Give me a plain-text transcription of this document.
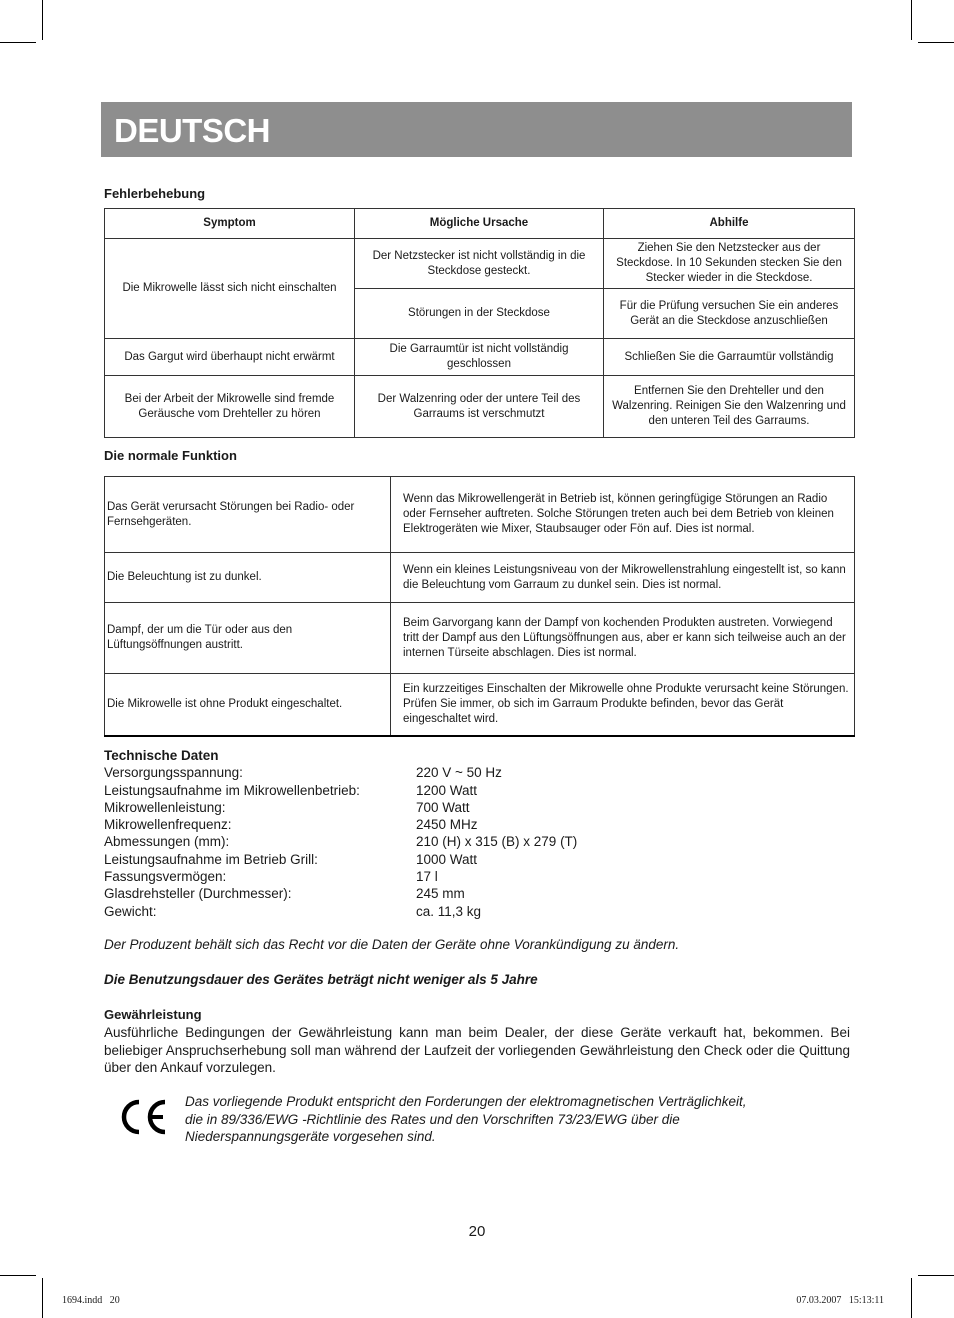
DEUTSCH
Fehlerbehebung
Symptom	Mögliche Ursache	Abhilfe
Die Mikrowelle lässt sich nicht einschalten	Der Netzstecker ist nicht vollständig in die Steckdose gesteckt.	Ziehen Sie den Netzstecker aus der Steckdose. In 10 Sekunden stecken Sie den Stecker wieder in die Steckdose.
	Störungen in der Steckdose	Für die Prüfung versuchen Sie ein anderes Gerät an die Steckdose anzuschließen
Das Gargut wird überhaupt nicht erwärmt	Die Garraumtür ist nicht vollständig geschlossen	Schließen Sie die Garraumtür vollständig
Bei der Arbeit der Mikrowelle sind fremde Geräusche vom Drehteller zu hören	Der Walzenring oder der untere Teil des Garraums ist verschmutzt	Entfernen Sie den Drehteller und den Walzenring. Reinigen Sie den Walzenring und den unteren Teil des Garraums.
Die normale Funktion
Das Gerät verursacht Störungen bei Radio- oder Fernsehgeräten.	Wenn das Mikrowellengerät in Betrieb ist, können geringfügige Störungen an Radio oder Fernseher auftreten. Solche Störungen treten auch bei dem Betrieb von kleinen Elektrogeräten wie Mixer, Staubsauger oder Fön auf. Dies ist normal.
Die Beleuchtung ist zu dunkel.	Wenn ein kleines Leistungsniveau von der Mikrowellenstrahlung eingestellt ist, so kann die Beleuchtung vom Garraum zu dunkel sein. Dies ist normal.
Dampf, der um die Tür oder aus den Lüftungsöffnungen austritt.	Beim Garvorgang kann der Dampf von kochenden Produkten austreten. Vorwiegend tritt der Dampf aus den Lüftungsöffnungen aus, aber er kann sich teilweise auch an der internen Türseite abschlagen. Dies ist normal.
Die Mikrowelle ist ohne Produkt eingeschaltet.	Ein kurzzeitiges Einschalten der Mikrowelle ohne Produkte verursacht keine Störungen. Prüfen Sie immer, ob sich im Garraum Produkte befinden, bevor das Gerät eingeschaltet wird.
Technische Daten
Versorgungsspannung:	220 V ~ 50 Hz
Leistungsaufnahme im Mikrowellenbetrieb:	1200 Watt
Mikrowellenleistung:	700 Watt
Mikrowellenfrequenz:	2450 MHz
Abmessungen (mm):	210 (H) x 315 (B) x 279 (T)
Leistungsaufnahme im Betrieb Grill:	1000 Watt
Fassungsvermögen:	17 l
Glasdrehsteller (Durchmesser):	245 mm
Gewicht:	ca. 11,3 kg
Der Produzent behält sich das Recht vor die Daten der Geräte ohne Vorankündigung zu ändern.
Die Benutzungsdauer des Gerätes beträgt nicht weniger als 5 Jahre
Gewährleistung
Ausführliche Bedingungen der Gewährleistung kann man beim Dealer, der diese Geräte verkauft hat, bekommen. Bei beliebiger Anspruchserhebung soll man während der Laufzeit der vorliegenden Gewährleistung den Check oder die Quittung über den Ankauf vorzulegen.
Das vorliegende Produkt entspricht den Forderungen der elektromagnetischen Verträglichkeit,
die in 89/336/EWG -Richtlinie des Rates und den Vorschriften 73/23/EWG über die
Niederspannungsgeräte vorgesehen sind.
20
1694.indd   20	07.03.2007   15:13:11
